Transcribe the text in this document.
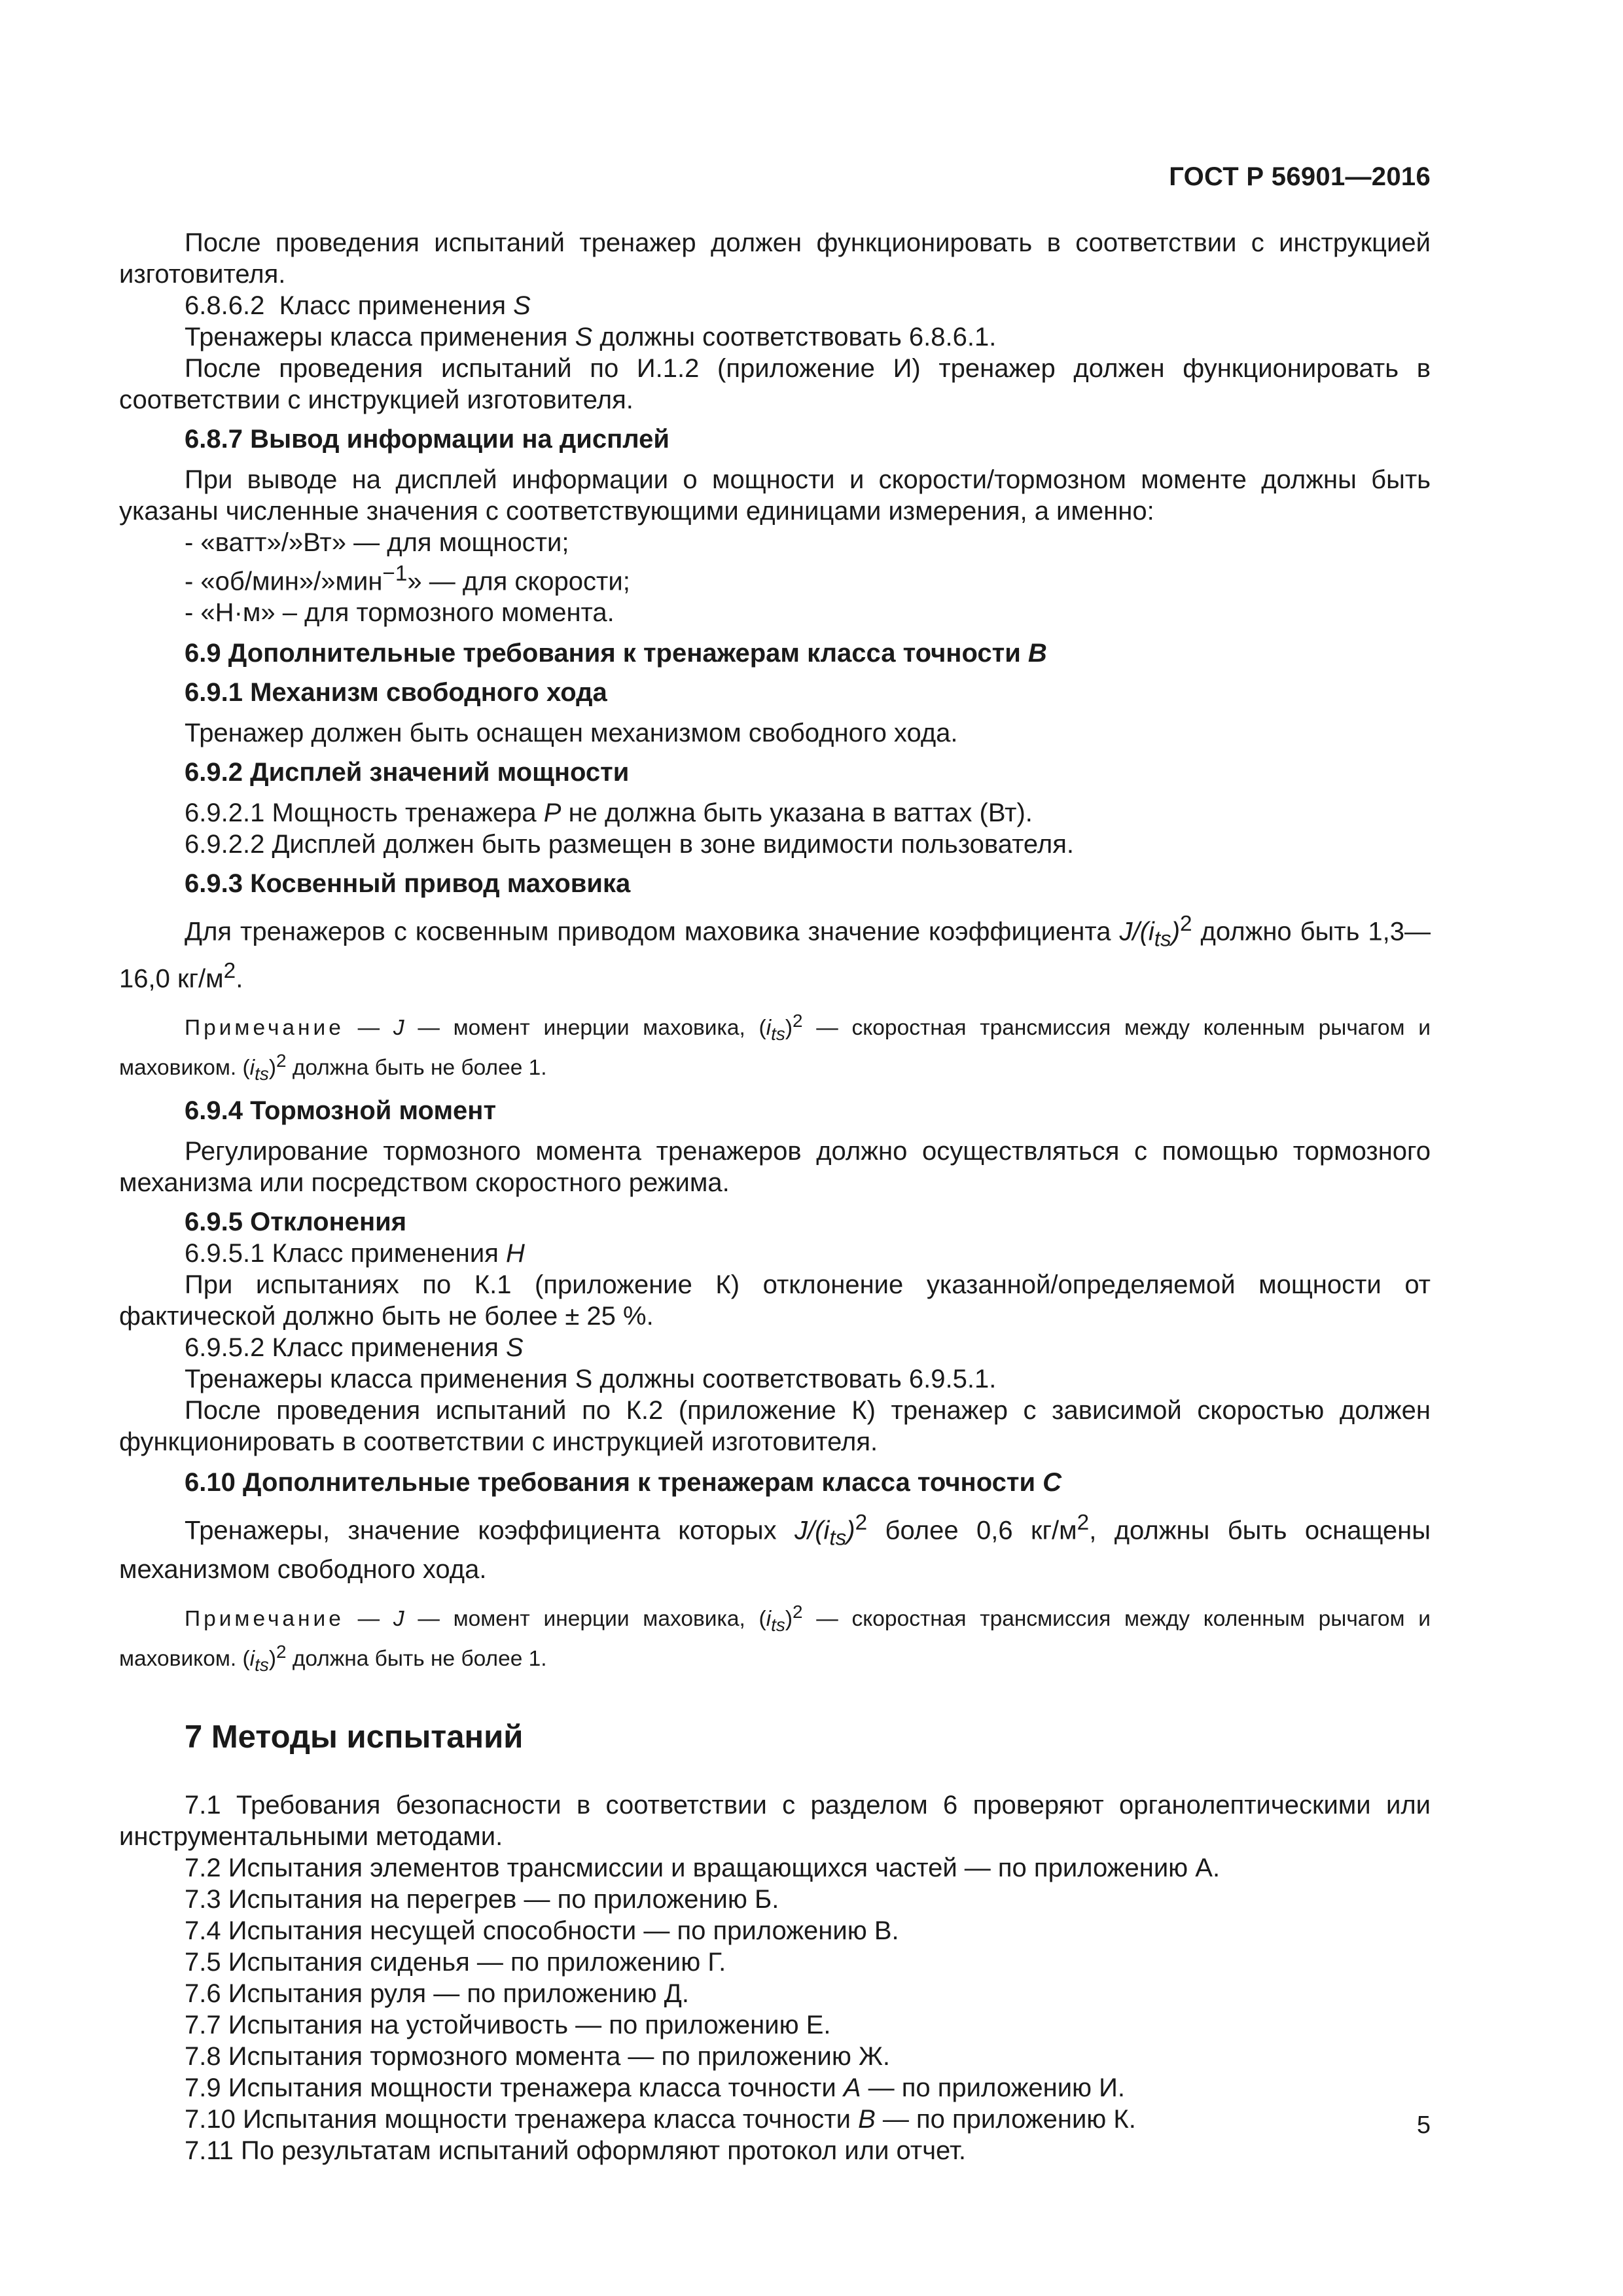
ГОСТ Р 56901—2016

После проведения испытаний тренажер должен функционировать в соответствии с инструкцией изготовителя.

6.8.6.2 Класс применения S

Тренажеры класса применения S должны соответствовать 6.8.6.1.

После проведения испытаний по И.1.2 (приложение И) тренажер должен функционировать в соответствии с инструкцией изготовителя.

6.8.7 Вывод информации на дисплей

При выводе на дисплей информации о мощности и скорости/тормозном моменте должны быть указаны численные значения с соответствующими единицами измерения, а именно:

- «ватт»/»Вт» — для мощности;

- «об/мин»/»мин$^{-1}$» — для скорости;

- «Н·м» – для тормозного момента.

6.9 Дополнительные требования к тренажерам класса точности B

6.9.1 Механизм свободного хода

Тренажер должен быть оснащен механизмом свободного хода.

6.9.2 Дисплей значений мощности

6.9.2.1 Мощность тренажера P не должна быть указана в ваттах (Вт).

6.9.2.2 Дисплей должен быть размещен в зоне видимости пользователя.

6.9.3 Косвенный привод маховика

Для тренажеров с косвенным приводом маховика значение коэффициента $J/(i_{ts})^2$ должно быть 1,3—16,0 $кг/м^2$.

Примечание — J — момент инерции маховика, $(i_{ts})^2$ — скоростная трансмиссия между коленным рычагом и маховиком. $(i_{ts})^2$ должна быть не более 1.

6.9.4 Тормозной момент

Регулирование тормозного момента тренажеров должно осуществляться с помощью тормозного механизма или посредством скоростного режима.

6.9.5 Отклонения

6.9.5.1 Класс применения H

При испытаниях по К.1 (приложение К) отклонение указанной/определяемой мощности от фактической должно быть не более ± 25 %.

6.9.5.2 Класс применения S

Тренажеры класса применения S должны соответствовать 6.9.5.1.

После проведения испытаний по К.2 (приложение К) тренажер с зависимой скоростью должен функционировать в соответствии с инструкцией изготовителя.

6.10 Дополнительные требования к тренажерам класса точности C

Тренажеры, значение коэффициента которых $J/(i_{ts})^2$ более 0,6 $кг/м^2$, должны быть оснащены механизмом свободного хода.

Примечание — J — момент инерции маховика, $(i_{ts})^2$ — скоростная трансмиссия между коленным рычагом и маховиком. $(i_{ts})^2$ должна быть не более 1.

7 Методы испытаний

7.1 Требования безопасности в соответствии с разделом 6 проверяют органолептическими или инструментальными методами.

7.2 Испытания элементов трансмиссии и вращающихся частей — по приложению А.

7.3 Испытания на перегрев — по приложению Б.

7.4 Испытания несущей способности — по приложению В.

7.5 Испытания сиденья — по приложению Г.

7.6 Испытания руля — по приложению Д.

7.7 Испытания на устойчивость — по приложению Е.

7.8 Испытания тормозного момента — по приложению Ж.

7.9 Испытания мощности тренажера класса точности A — по приложению И.

7.10 Испытания мощности тренажера класса точности B — по приложению К.

7.11 По результатам испытаний оформляют протокол или отчет.

5
